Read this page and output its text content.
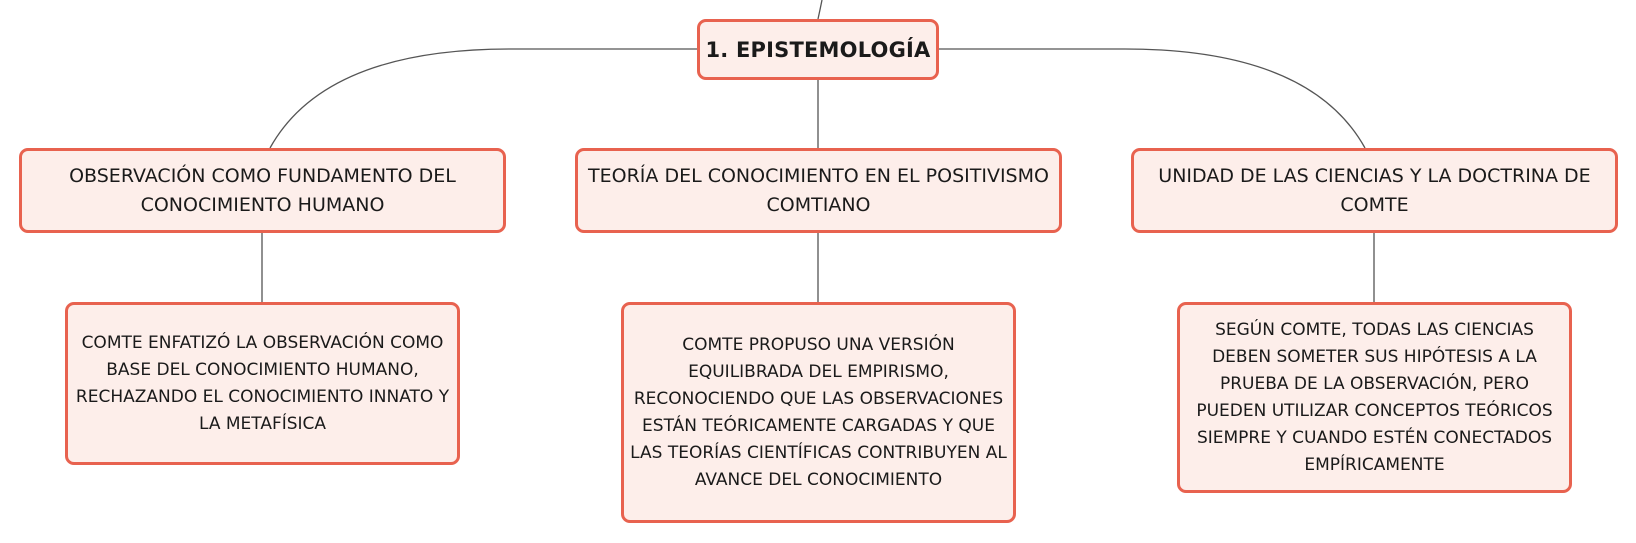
1. EPISTEMOLOGÍA
OBSERVACIÓN COMO FUNDAMENTO DEL CONOCIMIENTO HUMANO
TEORÍA DEL CONOCIMIENTO EN EL POSITIVISMO COMTIANO
UNIDAD DE LAS CIENCIAS Y LA DOCTRINA DE COMTE
COMTE ENFATIZÓ LA OBSERVACIÓN COMO BASE DEL CONOCIMIENTO HUMANO, RECHAZANDO EL CONOCIMIENTO INNATO Y LA METAFÍSICA
COMTE PROPUSO UNA VERSIÓN EQUILIBRADA DEL EMPIRISMO, RECONOCIENDO QUE LAS OBSERVACIONES ESTÁN TEÓRICAMENTE CARGADAS Y QUE LAS TEORÍAS CIENTÍFICAS CONTRIBUYEN AL AVANCE DEL CONOCIMIENTO
SEGÚN COMTE, TODAS LAS CIENCIAS DEBEN SOMETER SUS HIPÓTESIS A LA PRUEBA DE LA OBSERVACIÓN, PERO PUEDEN UTILIZAR CONCEPTOS TEÓRICOS SIEMPRE Y CUANDO ESTÉN CONECTADOS EMPÍRICAMENTE
